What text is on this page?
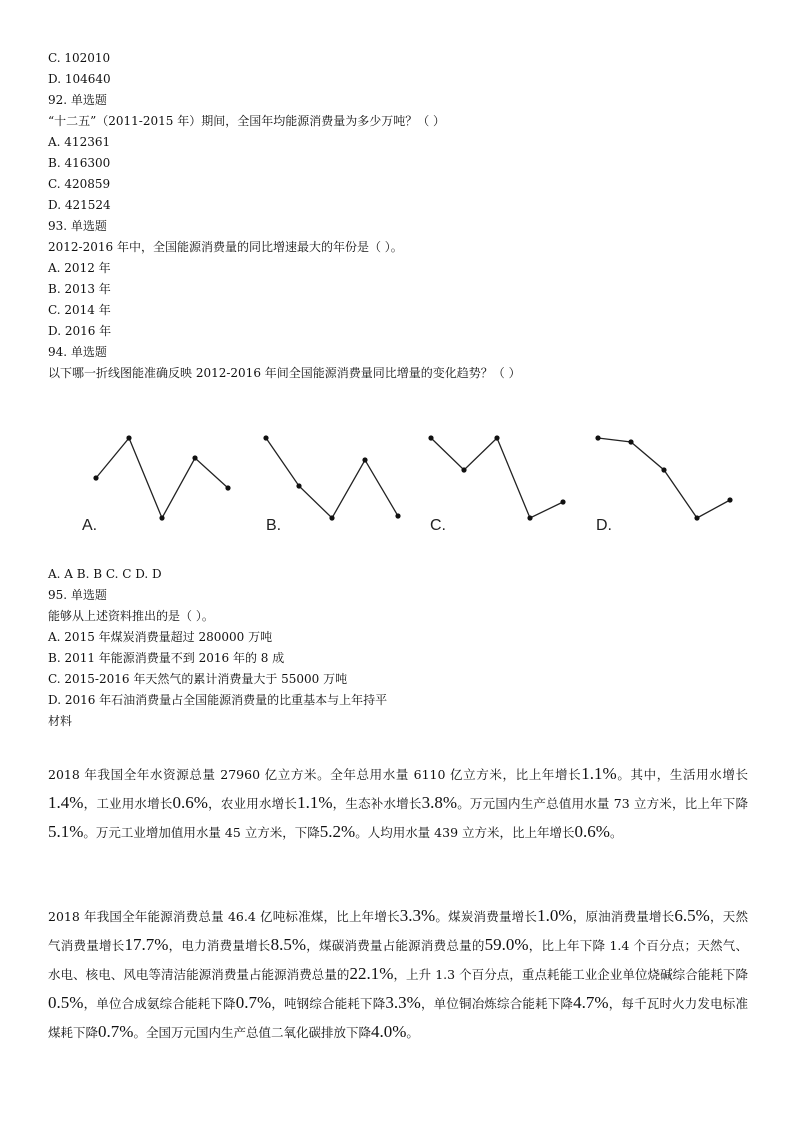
C. 102010
D. 104640
92. 单选题
“十二五”（2011-2015 年）期间，全国年均能源消费量为多少万吨？（ ）
A. 412361
B. 416300
C. 420859
D. 421524
93. 单选题
2012-2016 年中，全国能源消费量的同比增速最大的年份是（ ）。
A. 2012 年
B. 2013 年
C. 2014 年
D. 2016 年
94. 单选题
以下哪一折线图能准确反映 2012-2016 年间全国能源消费量同比增量的变化趋势？（ ）
A.	B.	C.	D.
A. A B. B C. C D. D
95. 单选题
能够从上述资料推出的是（ ）。
A. 2015 年煤炭消费量超过 280000 万吨
B. 2011 年能源消费量不到 2016 年的 8 成
C. 2015-2016 年天然气的累计消费量大于 55000 万吨
D. 2016 年石油消费量占全国能源消费量的比重基本与上年持平
材料
2018 年我国全年水资源总量 27960 亿立方米。全年总用水量 6110 亿立方米，比上年增长1.1%。其中，生活用水增长1.4%，工业用水增长0.6%，农业用水增长1.1%，生态补水增长3.8%。万元国内生产总值用水量 73 立方米，比上年下降5.1%。万元工业增加值用水量 45 立方米，下降5.2%。人均用水量 439 立方米，比上年增长0.6%。
2018 年我国全年能源消费总量 46.4 亿吨标准煤，比上年增长3.3%。煤炭消费量增长1.0%，原油消费量增长6.5%，天然气消费量增长17.7%，电力消费量增长8.5%，煤碳消费量占能源消费总量的59.0%，比上年下降 1.4 个百分点；天然气、水电、核电、风电等清洁能源消费量占能源消费总量的22.1%，上升 1.3 个百分点，重点耗能工业企业单位烧碱综合能耗下降0.5%，单位合成氨综合能耗下降0.7%，吨钢综合能耗下降3.3%，单位铜冶炼综合能耗下降4.7%，每千瓦时火力发电标准煤耗下降0.7%。全国万元国内生产总值二氧化碳排放下降4.0%。
